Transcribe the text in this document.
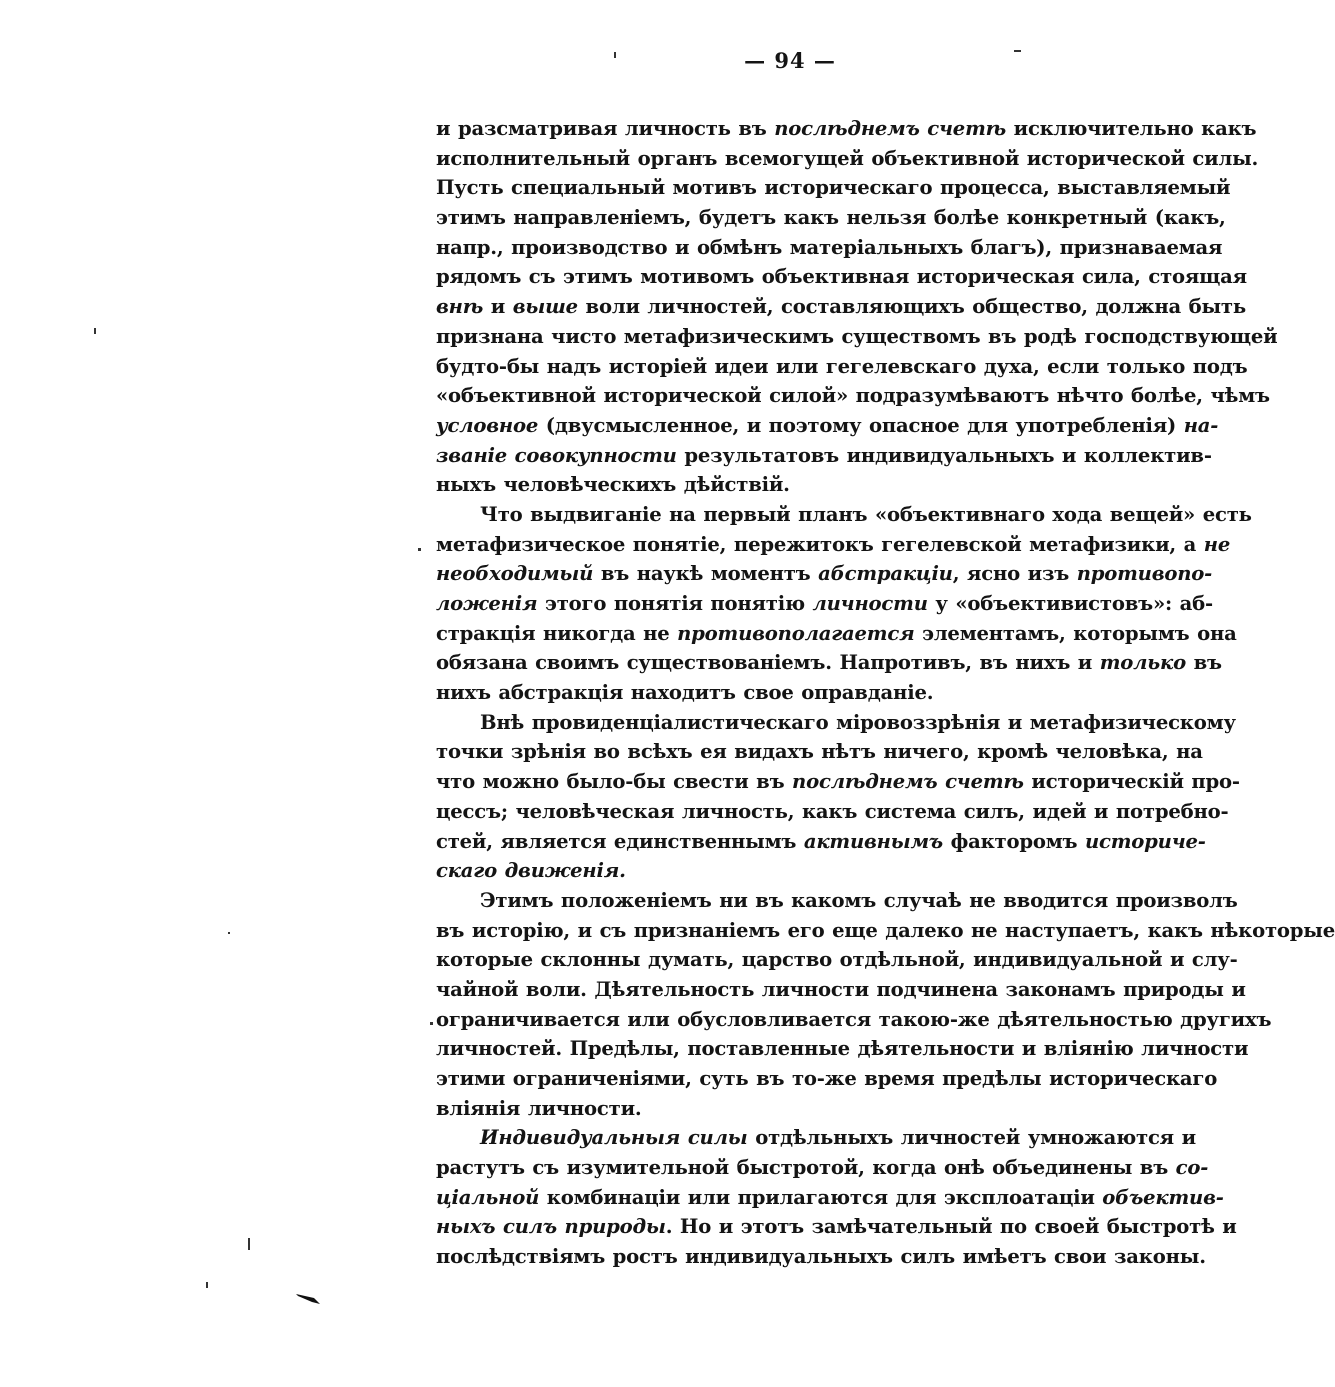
— 94 —
и разсматривая личность въ послѣднемъ счетѣ исключительно какъ
исполнительный органъ всемогущей объективной исторической силы.
Пусть специальный мотивъ историческаго процесса, выставляемый
этимъ направленiемъ, будетъ какъ нельзя болѣе конкретный (какъ,
напр., производство и обмѣнъ матерiальныхъ благъ), признаваемая
рядомъ съ этимъ мотивомъ объективная историческая сила, стоящая
внѣ и выше воли личностей, составляющихъ общество, должна быть
признана чисто метафизическимъ существомъ въ родѣ господствующей
будто-бы надъ исторiей идеи или гегелевскаго духа, если только подъ
«объективной исторической силой» подразумѣваютъ нѣчто болѣе, чѣмъ
условное (двусмысленное, и поэтому опасное для употребленiя) на-
званiе совокупности результатовъ индивидуальныхъ и коллектив-
ныхъ человѣческихъ дѣйствiй.
Что выдвиганiе на первый планъ «объективнаго хода вещей» есть
метафизическое понятiе, пережитокъ гегелевской метафизики, а не
необходимый въ наукѣ моментъ абстракцiи, ясно изъ противопо-
ложенiя этого понятiя понятiю личности у «объективистовъ»: аб-
стракцiя никогда не противополагается элементамъ, которымъ она
обязана своимъ существованiемъ. Напротивъ, въ нихъ и только въ
нихъ абстракцiя находитъ свое оправданiе.
Внѣ провиденцiалистическаго мiровоззрѣнiя и метафизическому
точки зрѣнiя во всѣхъ ея видахъ нѣтъ ничего, кромѣ человѣка, на
что можно было-бы свести въ послѣднемъ счетѣ историческiй про-
цессъ; человѣческая личность, какъ система силъ, идей и потребно-
стей, является единственнымъ активнымъ факторомъ историче-
скаго движенiя.
Этимъ положенiемъ ни въ какомъ случаѣ не вводится произволъ
въ исторiю, и съ признанiемъ его еще далеко не наступаетъ, какъ нѣкоторые
которые склонны думать, царство отдѣльной, индивидуальной и слу-
чайной воли. Дѣятельность личности подчинена законамъ природы и
ограничивается или обусловливается такою-же дѣятельностью другихъ
личностей. Предѣлы, поставленные дѣятельности и влiянiю личности
этими ограниченiями, суть въ то-же время предѣлы историческаго
влiянiя личности.
Индивидуальныя силы отдѣльныхъ личностей умножаются и
растутъ съ изумительной быстротой, когда онѣ объединены въ со-
цiальной комбинацiи или прилагаются для эксплоатацiи объектив-
ныхъ силъ природы. Но и этотъ замѣчательный по своей быстротѣ и
послѣдствiямъ ростъ индивидуальныхъ силъ имѣетъ свои законы.
